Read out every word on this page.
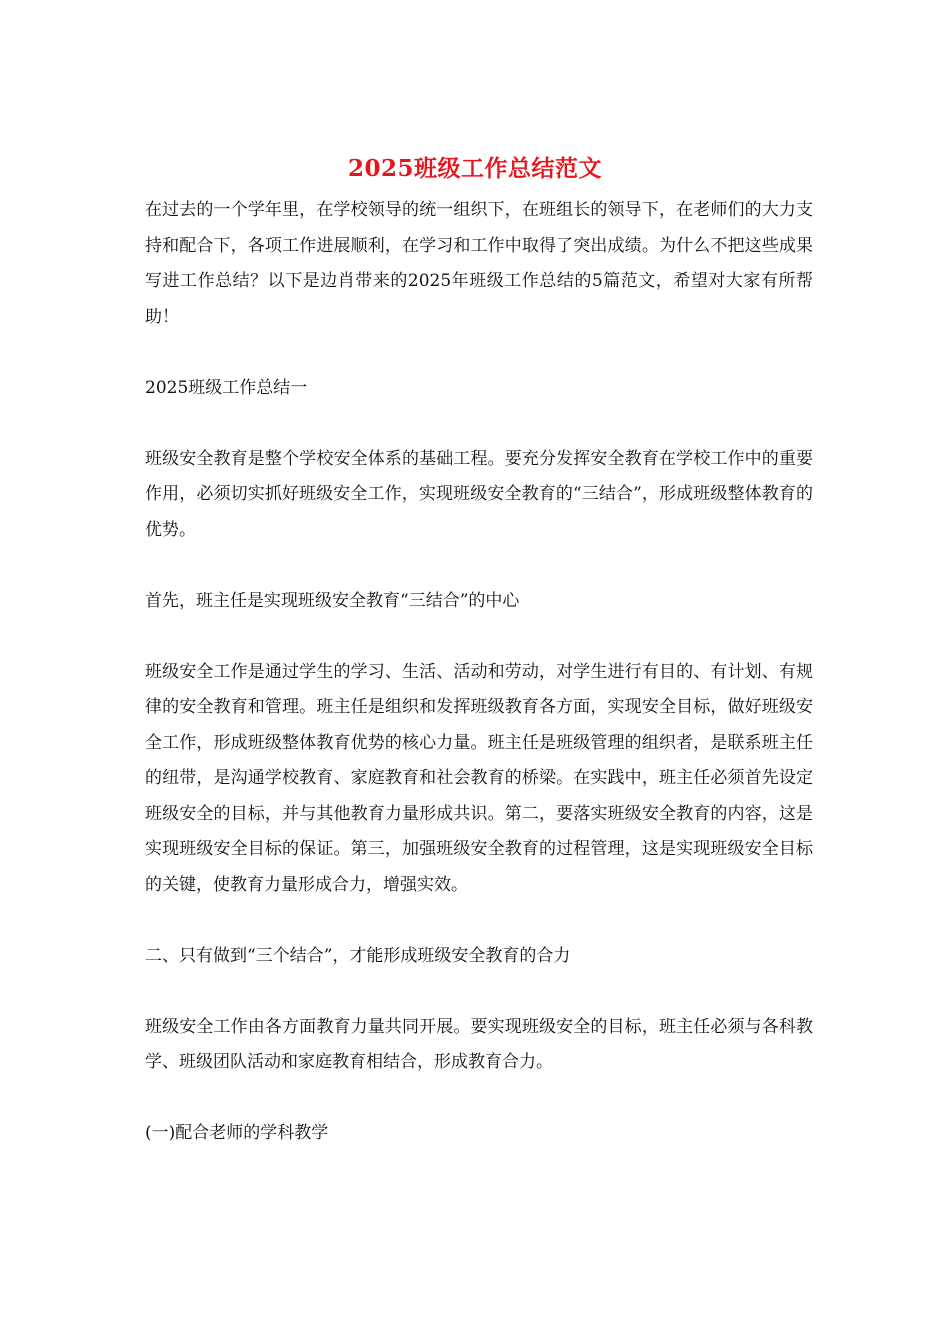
2025班级工作总结范文

在过去的一个学年里，在学校领导的统一组织下，在班组长的领导下，在老师们的大力支持和配合下，各项工作进展顺利，在学习和工作中取得了突出成绩。为什么不把这些成果写进工作总结？以下是边肖带来的2025年班级工作总结的5篇范文，希望对大家有所帮助！

2025班级工作总结一

班级安全教育是整个学校安全体系的基础工程。要充分发挥安全教育在学校工作中的重要作用，必须切实抓好班级安全工作，实现班级安全教育的“三结合”，形成班级整体教育的优势。

首先，班主任是实现班级安全教育“三结合”的中心

班级安全工作是通过学生的学习、生活、活动和劳动，对学生进行有目的、有计划、有规律的安全教育和管理。班主任是组织和发挥班级教育各方面，实现安全目标，做好班级安全工作，形成班级整体教育优势的核心力量。班主任是班级管理的组织者，是联系班主任的纽带，是沟通学校教育、家庭教育和社会教育的桥梁。在实践中，班主任必须首先设定班级安全的目标，并与其他教育力量形成共识。第二，要落实班级安全教育的内容，这是实现班级安全目标的保证。第三，加强班级安全教育的过程管理，这是实现班级安全目标的关键，使教育力量形成合力，增强实效。

二、只有做到“三个结合”，才能形成班级安全教育的合力

班级安全工作由各方面教育力量共同开展。要实现班级安全的目标，班主任必须与各科教学、班级团队活动和家庭教育相结合，形成教育合力。

(一)配合老师的学科教学
